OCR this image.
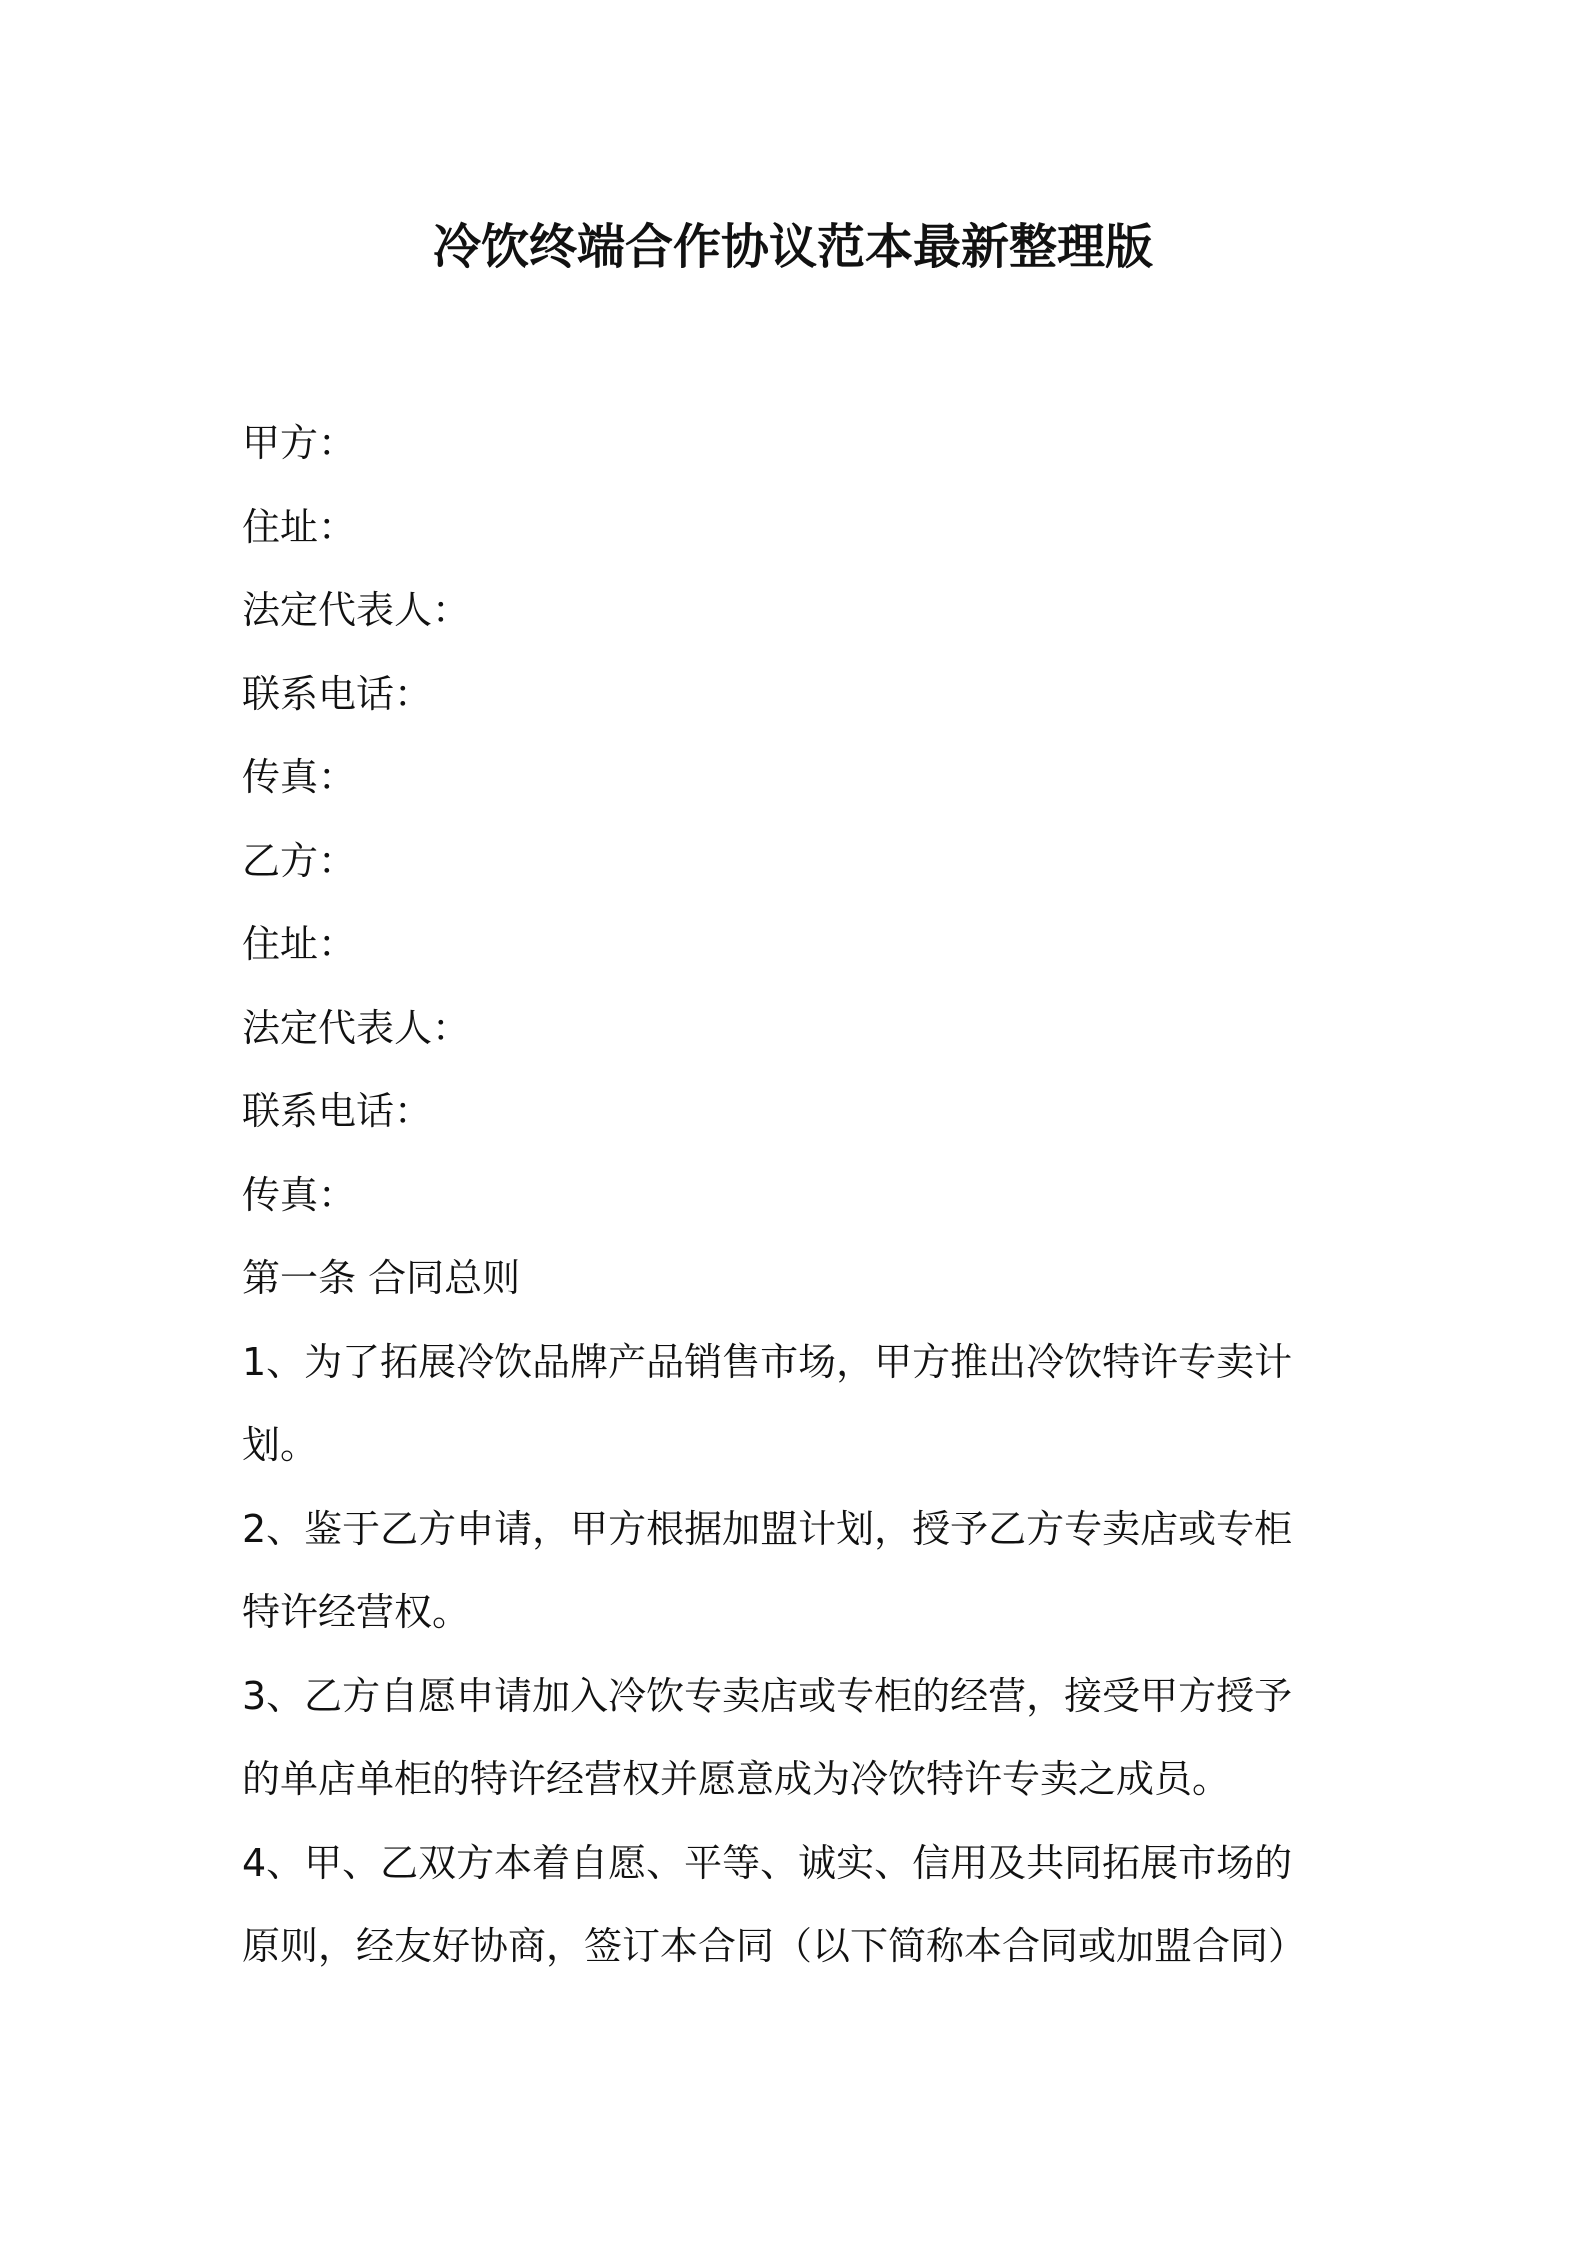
冷饮终端合作协议范本最新整理版
甲方：
住址：
法定代表人：
联系电话：
传真：
乙方：
住址：
法定代表人：
联系电话：
传真：
第一条 合同总则
1、为了拓展冷饮品牌产品销售市场，甲方推出冷饮特许专卖计
划。
2、鉴于乙方申请，甲方根据加盟计划，授予乙方专卖店或专柜
特许经营权。
3、乙方自愿申请加入冷饮专卖店或专柜的经营，接受甲方授予
的单店单柜的特许经营权并愿意成为冷饮特许专卖之成员。
4、甲、乙双方本着自愿、平等、诚实、信用及共同拓展市场的
原则，经友好协商，签订本合同（以下简称本合同或加盟合同）
